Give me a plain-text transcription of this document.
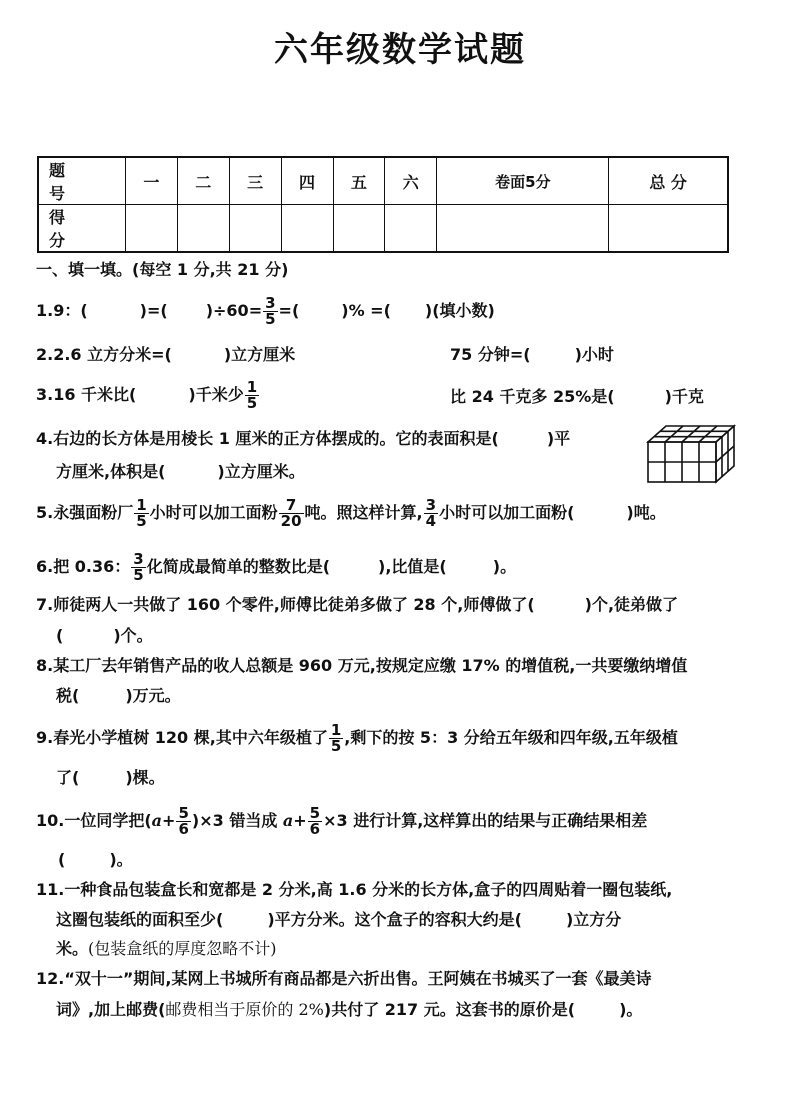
六年级数学试题
题 号	一	二	三	四	五	六	卷面5分	总 分
得 分								
一、填一填。(每空 1 分,共 21 分)
1.9：(	)=( )$\div 60= \frac{3}{5}$ =(	)% =( )(填小数)
2.2.6 立方分米=(	)立方厘米	75 分钟=(	)小时
3.16 千米比(	)千米少 $\frac{1}{5}$	比 24 千克多 25%是(	)千克
4.右边的长方体是用棱长 1 厘米的正方体摆成的。它的表面积是(	)平
方厘米,体积是(	)立方厘米。
5.永强面粉厂 $\frac{1}{5}$ 小时可以加工面粉 $\frac{7}{20}$ 吨。照这样计算, $\frac{3}{4}$ 小时可以加工面粉(	)吨。
6.把 0.36： $\frac{3}{5}$ 化简成最简单的整数比是(	),比值是(	)。
7.师徒两人一共做了 160 个零件,师傅比徒弟多做了 28 个,师傅做了(	)个,徒弟做了
(	)个。
8.某工厂去年销售产品的收人总额是 960 万元,按规定应缴 17% 的增值税,一共要缴纳增值
税(	)万元。
9.春光小学植树 120 棵,其中六年级植了 $\frac{1}{5}$ ,剩下的按 5：3 分给五年级和四年级,五年级植
了(	)棵。
10.一位同学把$(a+ \frac{5}{6} )\times 3$ 错当成 $a+ \frac{5}{6} \times 3$ 进行计算,这样算出的结果与正确结果相差
(	)。
11.一种食品包装盒长和宽都是 2 分米,高 1.6 分米的长方体,盒子的四周贴着一圈包装纸,
这圈包装纸的面积至少(	)平方分米。这个盒子的容积大约是(	)立方分
米。(包装盒纸的厚度忽略不计)
12.“双十一”期间,某网上书城所有商品都是六折出售。王阿姨在书城买了一套《最美诗
词》,加上邮费(邮费相当于原价的 2%)共付了 217 元。这套书的原价是(	)。
